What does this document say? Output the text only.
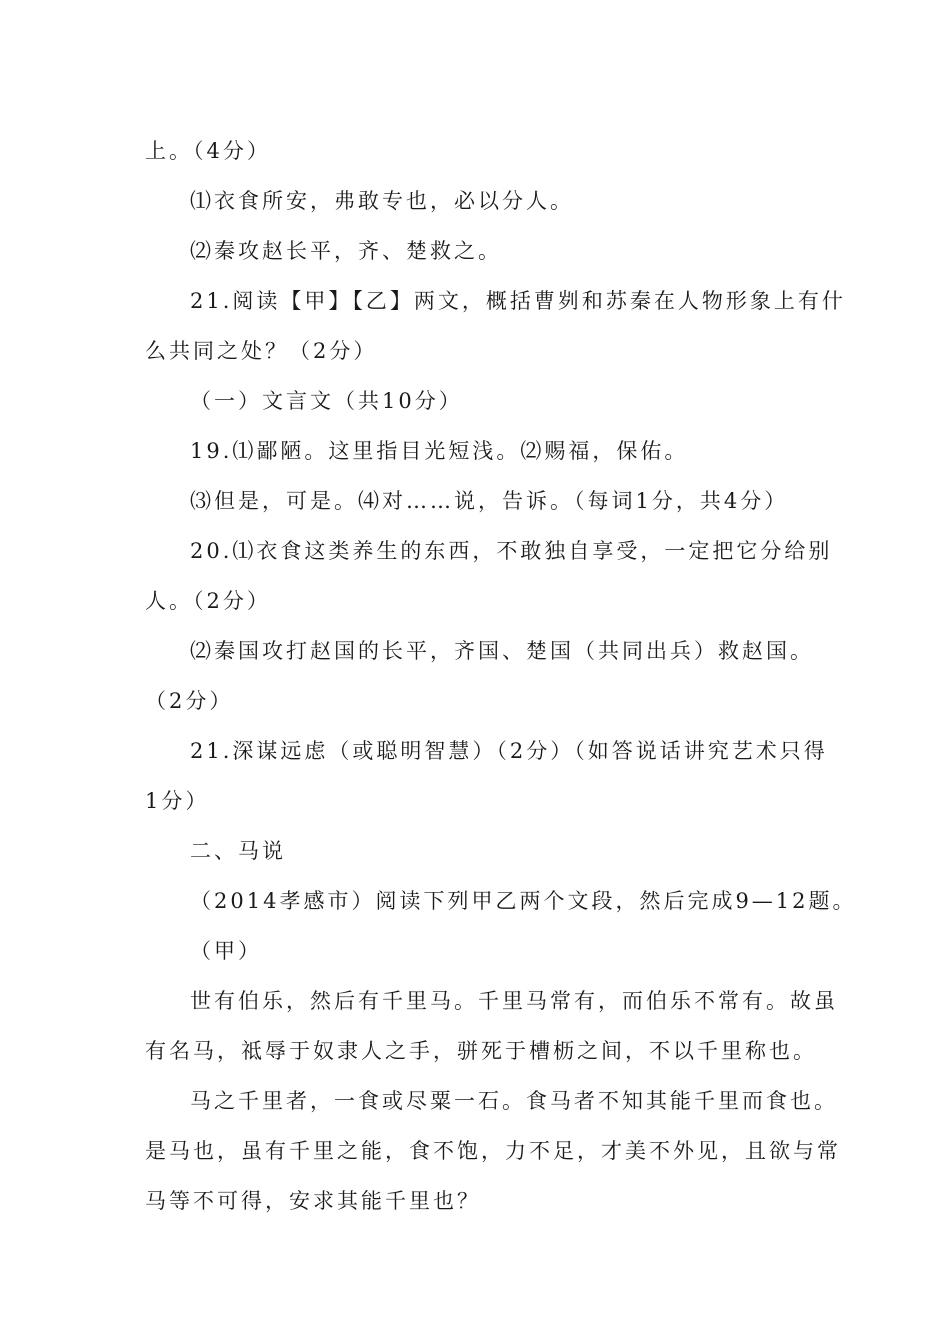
上。（4分）
⑴衣食所安，弗敢专也，必以分人。
⑵秦攻赵长平，齐、楚救之。
21.阅读【甲】【乙】两文，概括曹刿和苏秦在人物形象上有什
么共同之处？（2分）
（一）文言文（共10分）
19.⑴鄙陋。这里指目光短浅。⑵赐福，保佑。
⑶但是，可是。⑷对……说，告诉。（每词1分，共4分）
20.⑴衣食这类养生的东西，不敢独自享受，一定把它分给别
人。（2分）
⑵秦国攻打赵国的长平，齐国、楚国（共同出兵）救赵国。
（2分）
21.深谋远虑（或聪明智慧）（2分）（如答说话讲究艺术只得
1分）
二、马说
（2014孝感市）阅读下列甲乙两个文段，然后完成9—12题。
（甲）
世有伯乐，然后有千里马。千里马常有，而伯乐不常有。故虽
有名马，祗辱于奴隶人之手，骈死于槽枥之间，不以千里称也。
马之千里者，一食或尽粟一石。食马者不知其能千里而食也。
是马也，虽有千里之能，食不饱，力不足，才美不外见，且欲与常
马等不可得，安求其能千里也？
